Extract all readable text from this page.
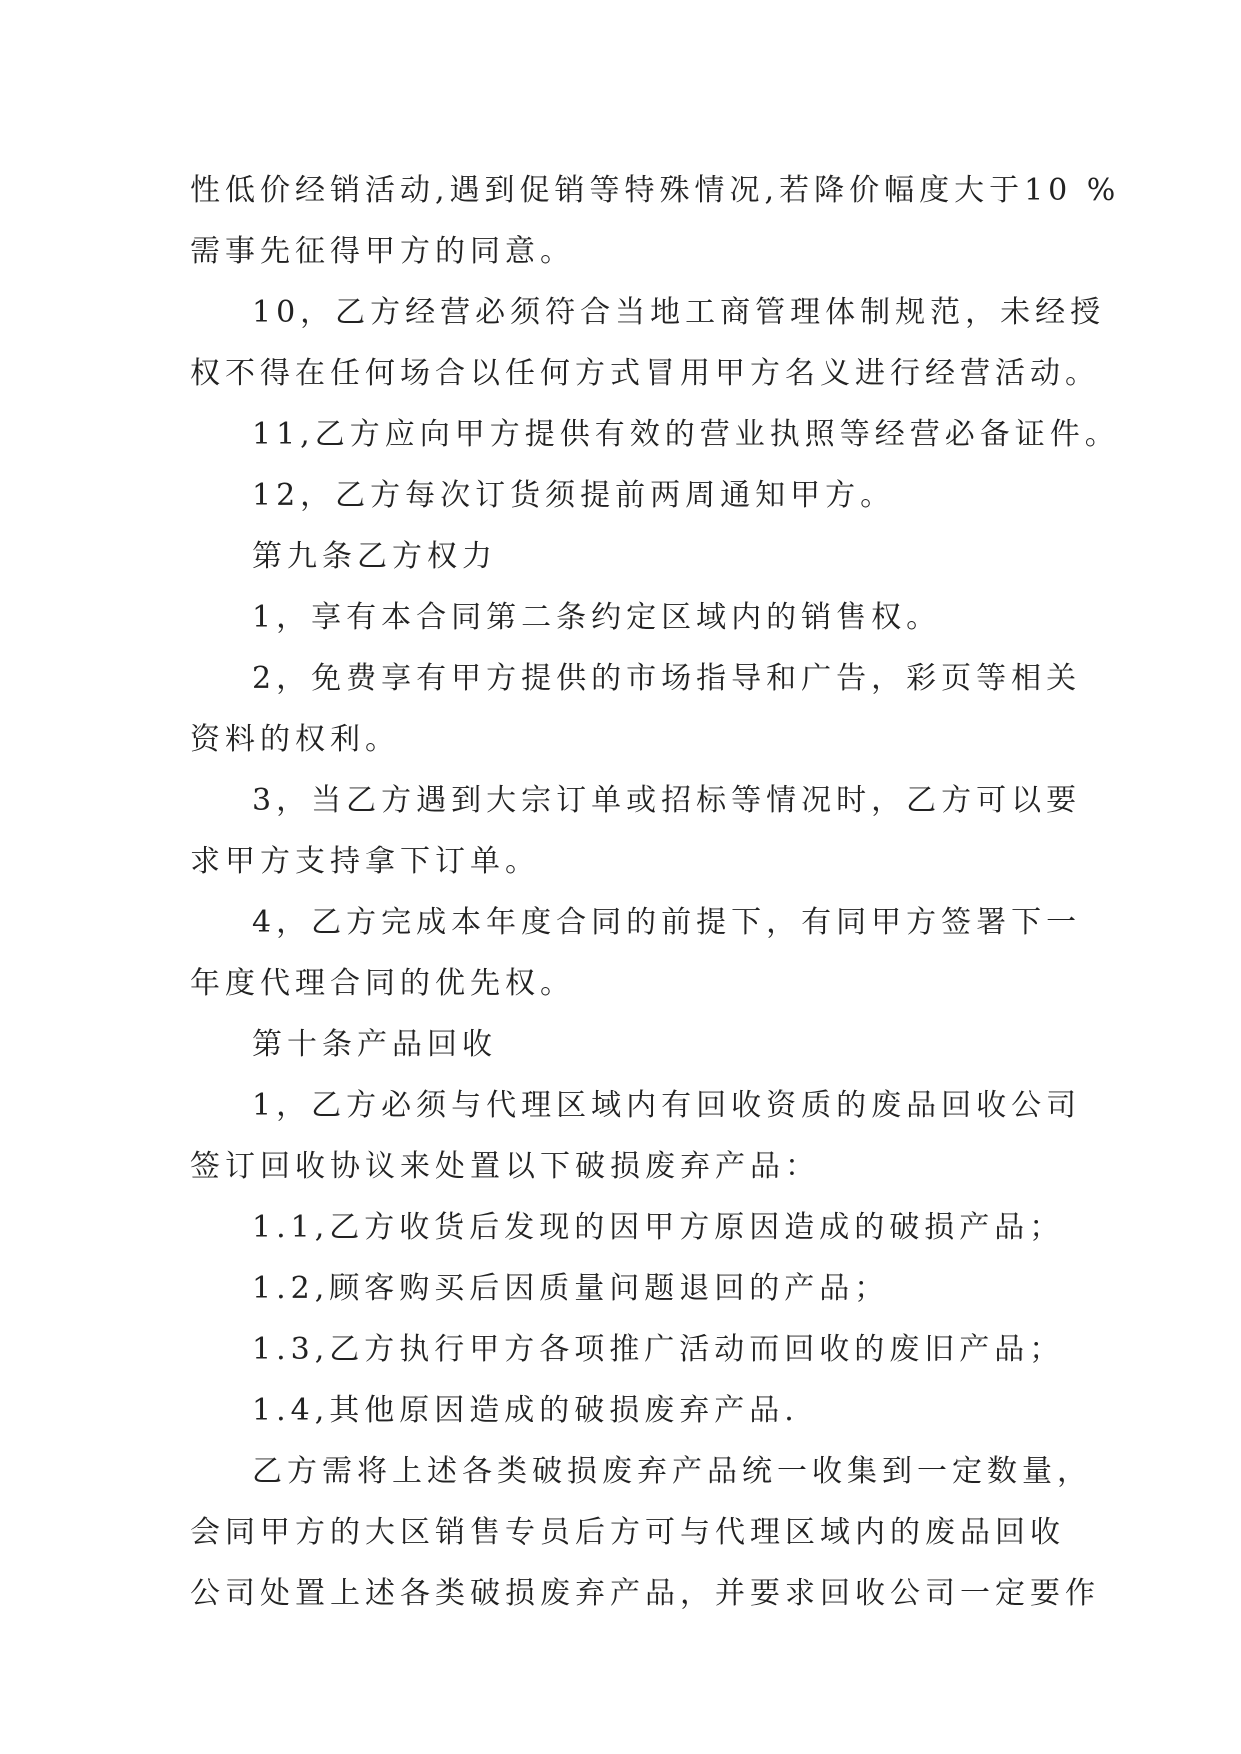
性低价经销活动,遇到促销等特殊情况,若降价幅度大于10 %
需事先征得甲方的同意。
10，乙方经营必须符合当地工商管理体制规范，未经授
权不得在任何场合以任何方式冒用甲方名义进行经营活动。
11,乙方应向甲方提供有效的营业执照等经营必备证件。
12，乙方每次订货须提前两周通知甲方。
第九条乙方权力
1，享有本合同第二条约定区域内的销售权。
2，免费享有甲方提供的市场指导和广告，彩页等相关
资料的权利。
3，当乙方遇到大宗订单或招标等情况时，乙方可以要
求甲方支持拿下订单。
4，乙方完成本年度合同的前提下，有同甲方签署下一
年度代理合同的优先权。
第十条产品回收
1，乙方必须与代理区域内有回收资质的废品回收公司
签订回收协议来处置以下破损废弃产品：
1.1,乙方收货后发现的因甲方原因造成的破损产品；
1.2,顾客购买后因质量问题退回的产品；
1.3,乙方执行甲方各项推广活动而回收的废旧产品；
1.4,其他原因造成的破损废弃产品.
乙方需将上述各类破损废弃产品统一收集到一定数量，
会同甲方的大区销售专员后方可与代理区域内的废品回收
公司处置上述各类破损废弃产品，并要求回收公司一定要作
